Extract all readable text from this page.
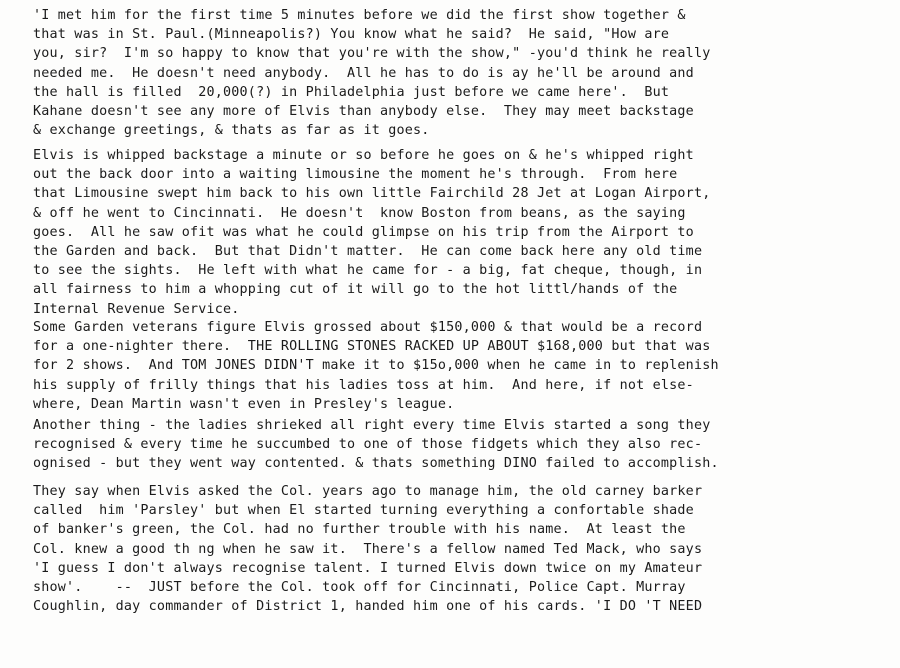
'I met him for the first time 5 minutes before we did the first show together &
that was in St. Paul.(Minneapolis?) You know what he said?  He said, "How are
you, sir?  I'm so happy to know that you're with the show," -you'd think he really
needed me.  He doesn't need anybody.  All he has to do is ay he'll be around and
the hall is filled  20,000(?) in Philadelphia just before we came here'.  But
Kahane doesn't see any more of Elvis than anybody else.  They may meet backstage
& exchange greetings, & thats as far as it goes.
Elvis is whipped backstage a minute or so before he goes on & he's whipped right
out the back door into a waiting limousine the moment he's through.  From here
that Limousine swept him back to his own little Fairchild 28 Jet at Logan Airport,
& off he went to Cincinnati.  He doesn't  know Boston from beans, as the saying
goes.  All he saw ofit was what he could glimpse on his trip from the Airport to
the Garden and back.  But that Didn't matter.  He can come back here any old time
to see the sights.  He left with what he came for - a big, fat cheque, though, in
all fairness to him a whopping cut of it will go to the hot littl/hands of the
Internal Revenue Service.
Some Garden veterans figure Elvis grossed about $150,000 & that would be a record
for a one-nighter there.  THE ROLLING STONES RACKED UP ABOUT $168,000 but that was
for 2 shows.  And TOM JONES DIDN'T make it to $15o,000 when he came in to replenish
his supply of frilly things that his ladies toss at him.  And here, if not else-
where, Dean Martin wasn't even in Presley's league.
Another thing - the ladies shrieked all right every time Elvis started a song they
recognised & every time he succumbed to one of those fidgets which they also rec-
ognised - but they went way contented. & thats something DINO failed to accomplish.
They say when Elvis asked the Col. years ago to manage him, the old carney barker
called  him 'Parsley' but when El started turning everything a confortable shade
of banker's green, the Col. had no further trouble with his name.  At least the
Col. knew a good th ng when he saw it.  There's a fellow named Ted Mack, who says
'I guess I don't always recognise talent. I turned Elvis down twice on my Amateur
show'.    --  JUST before the Col. took off for Cincinnati, Police Capt. Murray
Coughlin, day commander of District 1, handed him one of his cards. 'I DO 'T NEED
